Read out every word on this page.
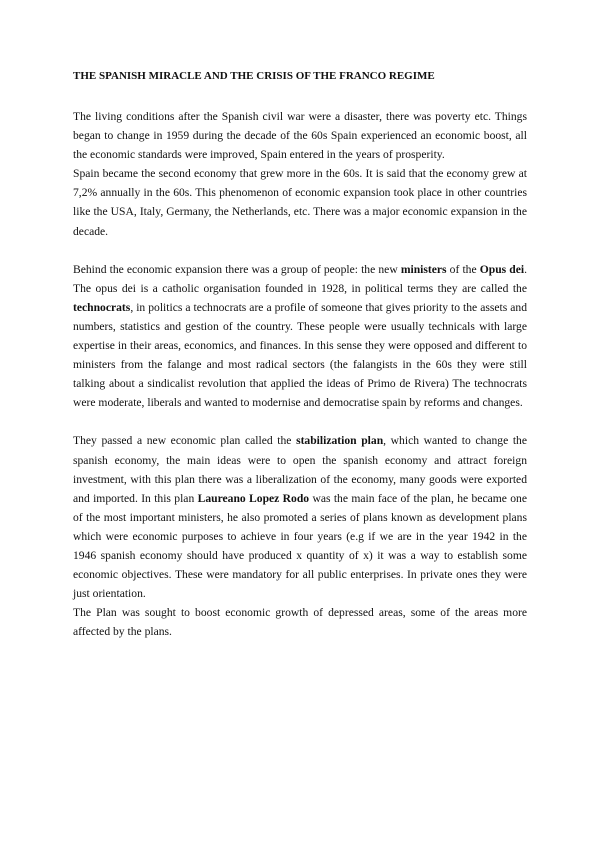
THE SPANISH MIRACLE AND THE CRISIS OF THE FRANCO REGIME

The living conditions after the Spanish civil war were a disaster, there was poverty etc. Things began to change in 1959 during the decade of the 60s Spain experienced an economic boost, all the economic standards were improved, Spain entered in the years of prosperity.

Spain became the second economy that grew more in the 60s. It is said that the economy grew at 7,2% annually in the 60s. This phenomenon of economic expansion took place in other countries like the USA, Italy, Germany, the Netherlands, etc. There was a major economic expansion in the decade.

Behind the economic expansion there was a group of people: the new ministers of the Opus dei. The opus dei is a catholic organisation founded in 1928, in political terms they are called the technocrats, in politics a technocrats are a profile of someone that gives priority to the assets and numbers, statistics and gestion of the country. These people were usually technicals with large expertise in their areas, economics, and finances. In this sense they were opposed and different to ministers from the falange and most radical sectors (the falangists in the 60s they were still talking about a sindicalist revolution that applied the ideas of Primo de Rivera) The technocrats were moderate, liberals and wanted to modernise and democratise spain by reforms and changes.

They passed a new economic plan called the stabilization plan, which wanted to change the spanish economy, the main ideas were to open the spanish economy and attract foreign investment, with this plan there was a liberalization of the economy, many goods were exported and imported. In this plan Laureano Lopez Rodo was the main face of the plan, he became one of the most important ministers, he also promoted a series of plans known as development plans which were economic purposes to achieve in four years (e.g if we are in the year 1942 in the 1946 spanish economy should have produced x quantity of x) it was a way to establish some economic objectives. These were mandatory for all public enterprises. In private ones they were just orientation.

The Plan was sought to boost economic growth of depressed areas, some of the areas more affected by the plans.
